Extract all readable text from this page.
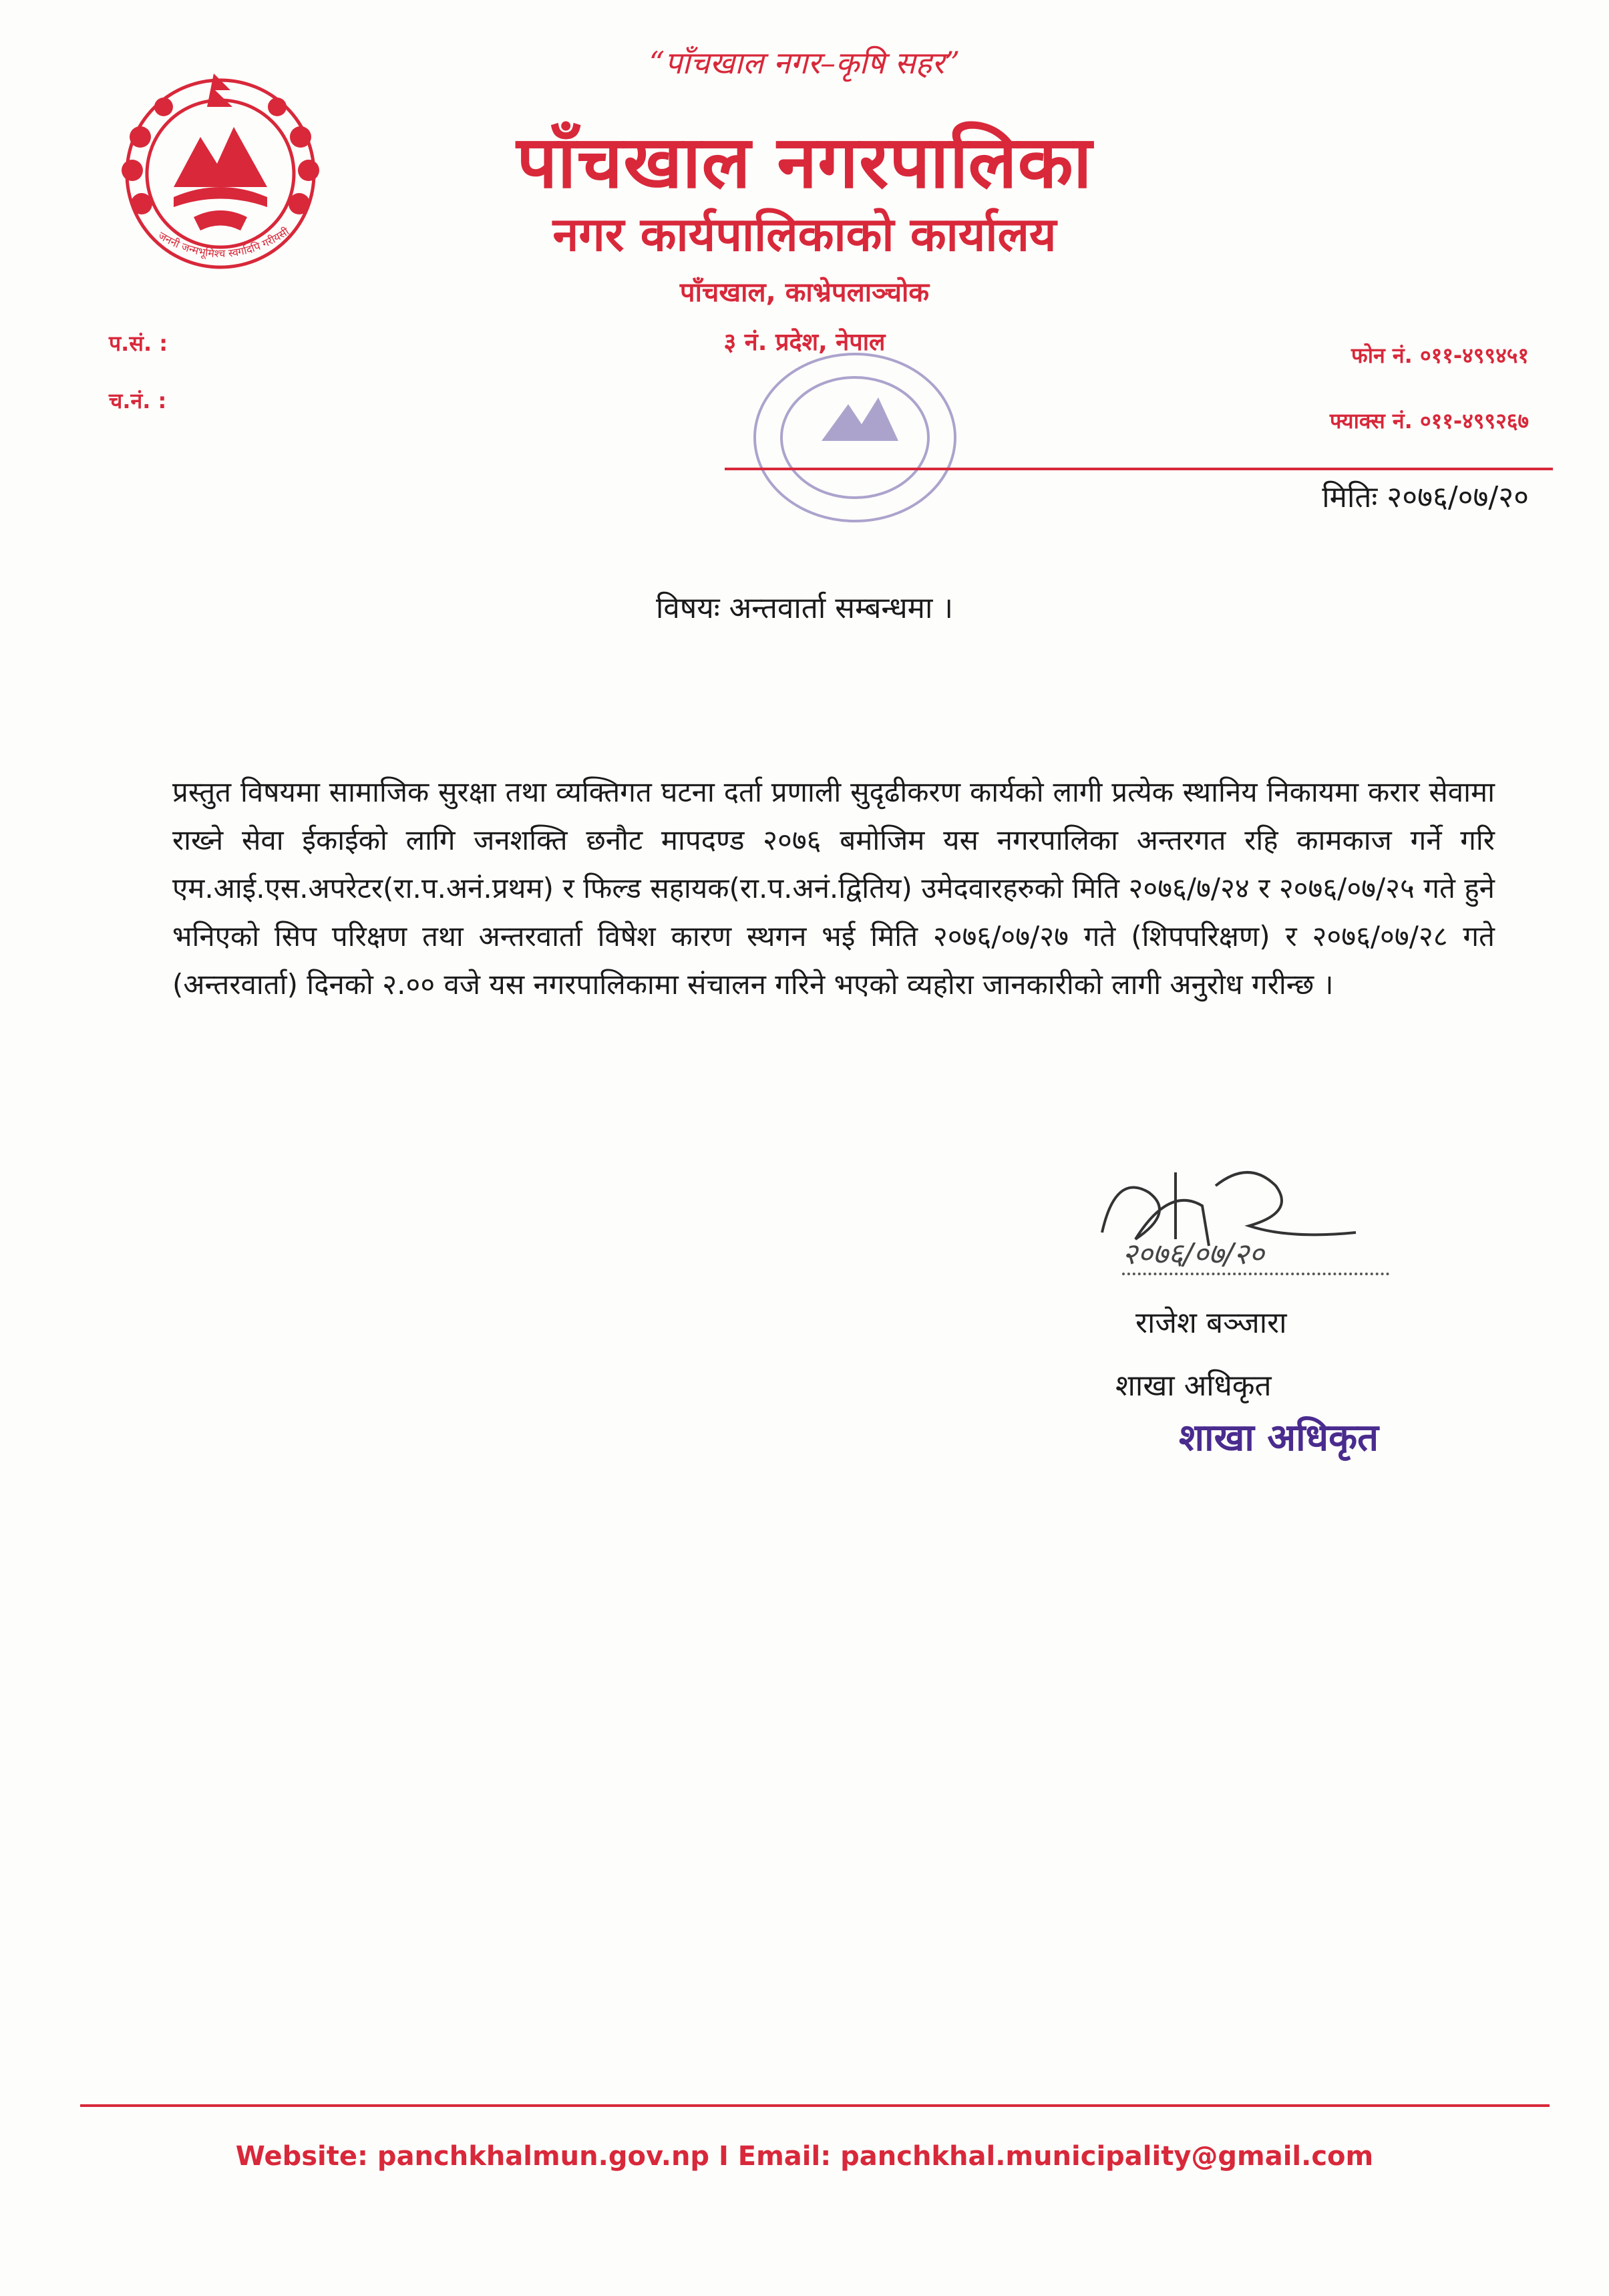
जननी जन्मभूमिश्च स्वर्गादपि गरीयसी
“पाँचखाल नगर–कृषि सहर”
पाँचखाल नगरपालिका
नगर कार्यपालिकाको कार्यालय
पाँचखाल, काभ्रेपलाञ्चोक
३ नं. प्रदेश, नेपाल
प.सं. :
च.नं. :
फोन नं. ०११-४९९४५१
फ्याक्स नं. ०११-४९९२६७
मितिः २०७६/०७/२०
विषयः अन्तवार्ता सम्बन्धमा ।
प्रस्तुत विषयमा सामाजिक सुरक्षा तथा व्यक्तिगत घटना दर्ता प्रणाली सुदृढीकरण कार्यको लागी प्रत्येक स्थानिय निकायमा करार सेवामा राख्ने सेवा ईकाईको लागि जनशक्ति छनौट मापदण्ड २०७६ बमोजिम यस नगरपालिका अन्तरगत रहि कामकाज गर्ने गरि एम.आई.एस.अपरेटर(रा.प.अनं.प्रथम) र फिल्ड सहायक(रा.प.अनं.द्वितिय) उमेदवारहरुको मिति २०७६/७/२४ र २०७६/०७/२५ गते हुने भनिएको सिप परिक्षण तथा अन्तरवार्ता विषेश कारण स्थगन भई मिति २०७६/०७/२७ गते (शिपपरिक्षण) र २०७६/०७/२८ गते (अन्तरवार्ता) दिनको २.०० वजे यस नगरपालिकामा संचालन गरिने भएको व्यहोरा जानकारीको लागी अनुरोध गरीन्छ ।
२०७६/०७/२०
राजेश बञ्जारा
शाखा अधिकृत
शाखा अधिकृत
Website: panchkhalmun.gov.np I Email: panchkhal.municipality@gmail.com
